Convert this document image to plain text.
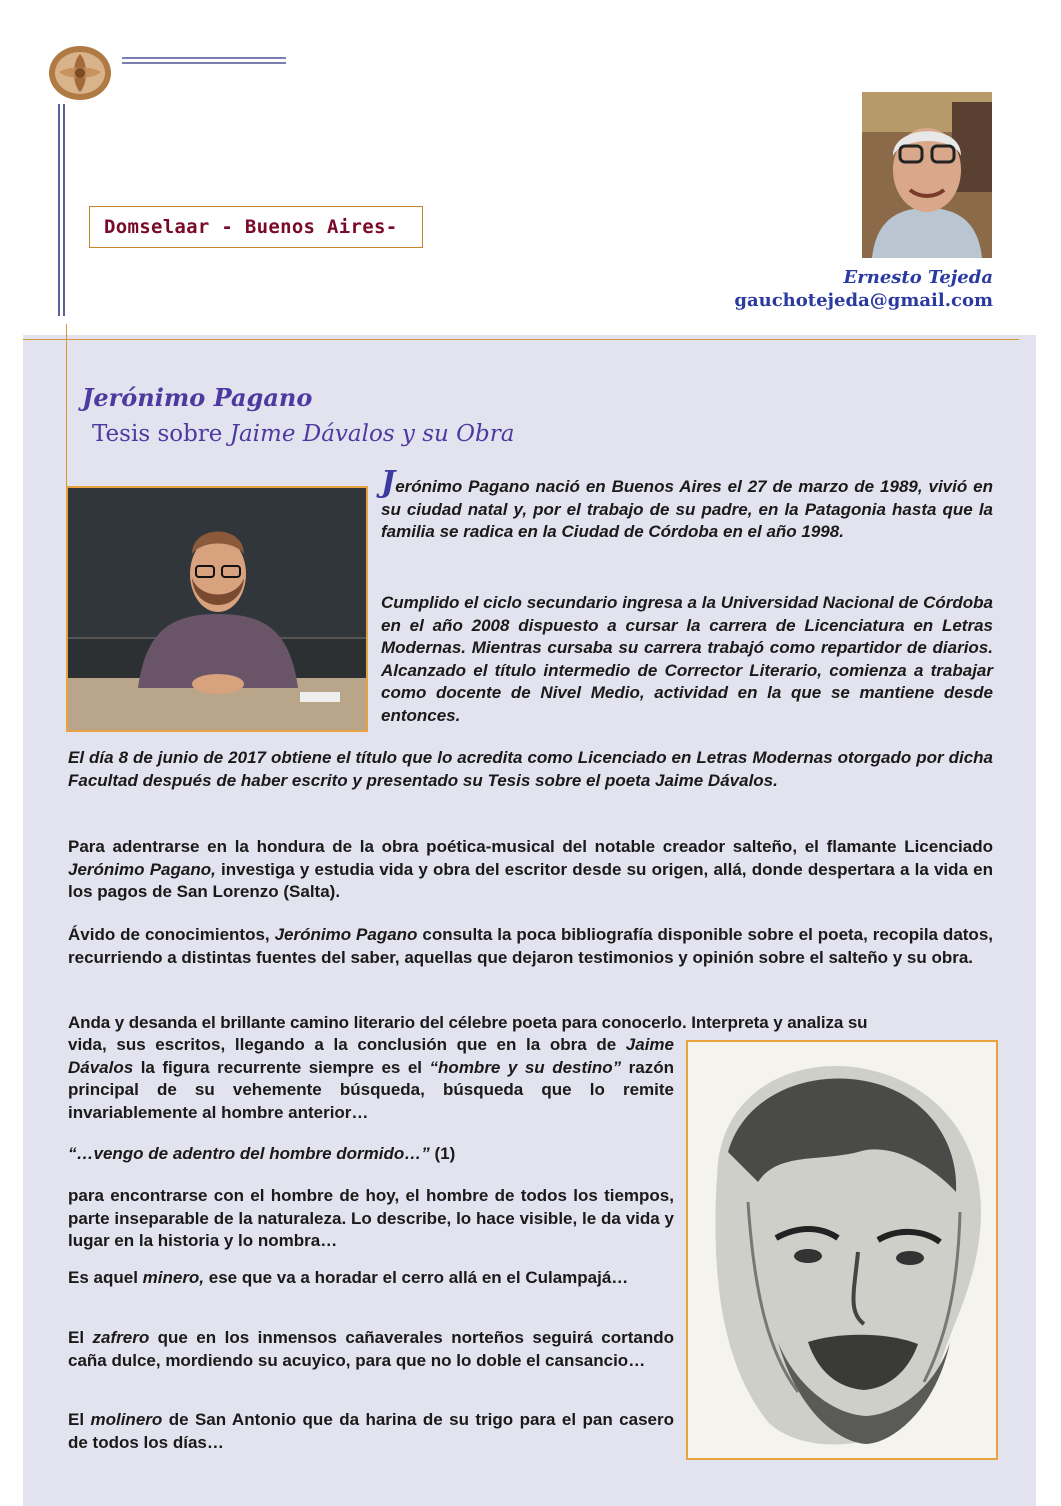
Domselaar - Buenos Aires-
Ernesto Tejeda
gauchotejeda@gmail.com
Jerónimo Pagano
Tesis sobre Jaime Dávalos y su Obra
Jerónimo Pagano nació en Buenos Aires el 27 de marzo de 1989, vivió en su ciudad natal y, por el trabajo de su padre, en la Patagonia hasta que la familia se radica en la Ciudad de Córdoba en el año 1998.
Cumplido el ciclo secundario ingresa a la Universidad Nacional de Córdoba en el año 2008 dispuesto a cursar la carrera de Licenciatura en Letras Modernas. Mientras cursaba su carrera trabajó como repartidor de diarios. Alcanzado el título intermedio de Corrector Literario, comienza a trabajar como docente de Nivel Medio, actividad en la que se mantiene desde entonces.
El día 8 de junio de 2017 obtiene el título que lo acredita como Licenciado en Letras Modernas otorgado por dicha Facultad después de haber escrito y presentado su Tesis sobre el poeta Jaime Dávalos.
Para adentrarse en la hondura de la obra poética-musical del notable creador salteño, el flamante Licenciado Jerónimo Pagano, investiga y estudia vida y obra del escritor desde su origen, allá, donde despertara a la vida en los pagos de San Lorenzo (Salta).
Ávido de conocimientos, Jerónimo Pagano consulta la poca bibliografía disponible sobre el poeta, recopila datos, recurriendo a distintas fuentes del saber, aquellas que dejaron testimonios y opinión sobre el salteño y su obra.
Anda y desanda el brillante camino literario del célebre poeta para conocerlo. Interpreta y analiza su
vida, sus escritos, llegando a la conclusión que en la obra de Jaime Dávalos la figura recurrente siempre es el “hombre y su destino” razón principal de su vehemente búsqueda, búsqueda que lo remite invariablemente al hombre anterior…
“…vengo de adentro del hombre dormido…” (1)
para encontrarse con el hombre de hoy, el hombre de todos los tiempos, parte inseparable de la naturaleza. Lo describe, lo hace visible, le da vida y lugar en la historia y lo nombra…
Es aquel minero, ese que va a horadar el cerro allá en el Culampajá…
El zafrero que en los inmensos cañaverales norteños seguirá cortando caña dulce, mordiendo su acuyico, para que no lo doble el cansancio…
El molinero de San Antonio que da harina de su trigo para el pan casero de todos los días…
